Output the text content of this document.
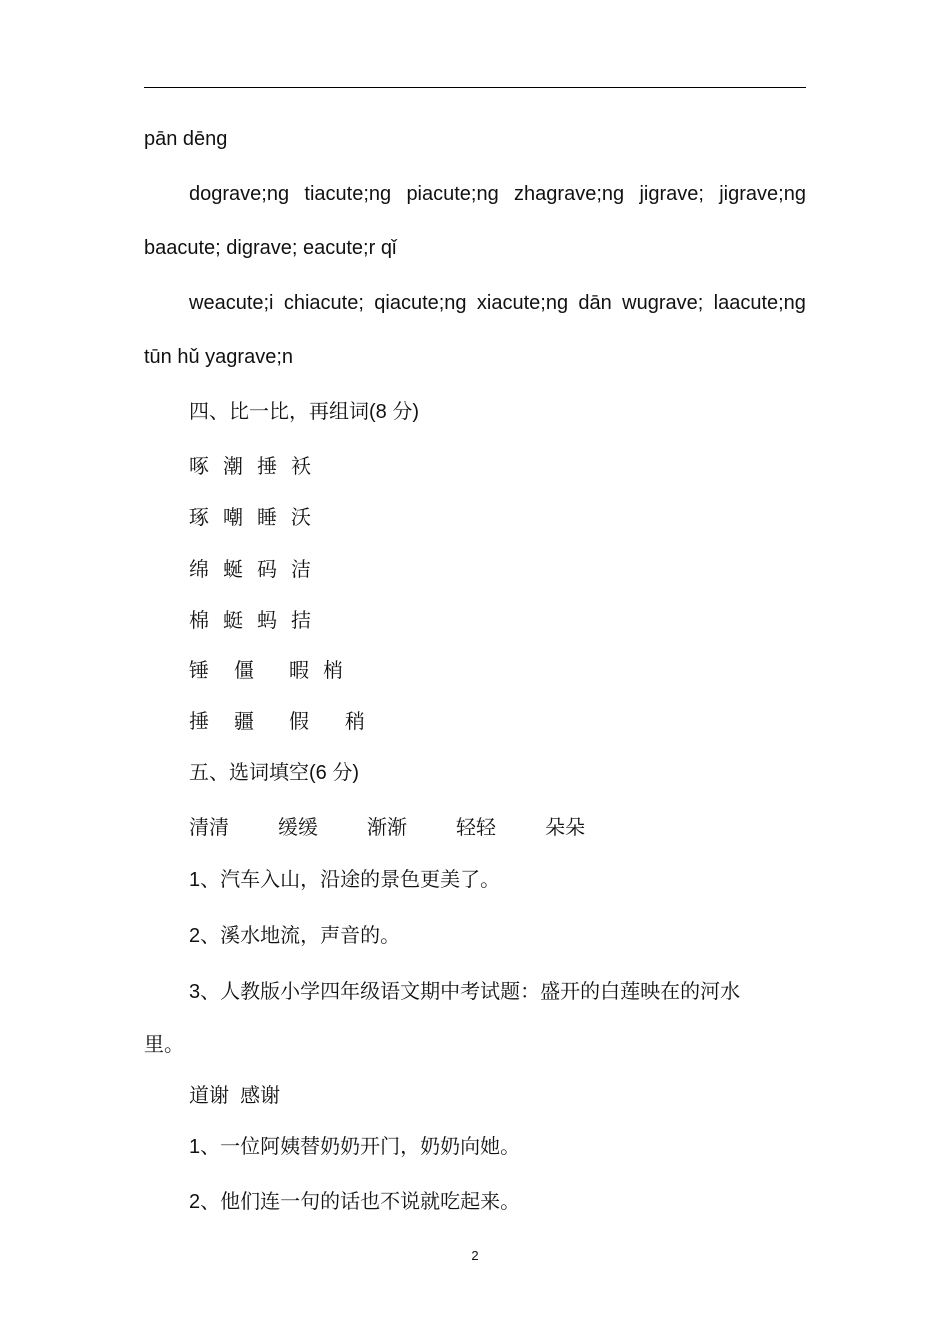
pān dēng
dograve;ng tiacute;ng piacute;ng zhagrave;ng jigrave; jigrave;ng
baacute; digrave; eacute;r qǐ
weacute;i chiacute; qiacute;ng xiacute;ng dān wugrave; laacute;ng
tūn hǔ yagrave;n
四、比一比，再组词(8 分)
啄 潮 捶 袄
琢 嘲 睡 沃
绵 蜒 码 洁
棉 蜓 蚂 拮
锤	僵	暇 梢
捶	疆	假	稍
五、选词填空(6 分)
清清	缓缓	渐渐	轻轻	朵朵
1、汽车入山，沿途的景色更美了。
2、溪水地流，声音的。
3、人教版小学四年级语文期中考试题：盛开的白莲映在的河水
里。
道谢  感谢
1、一位阿姨替奶奶开门，奶奶向她。
2、他们连一句的话也不说就吃起来。
2
